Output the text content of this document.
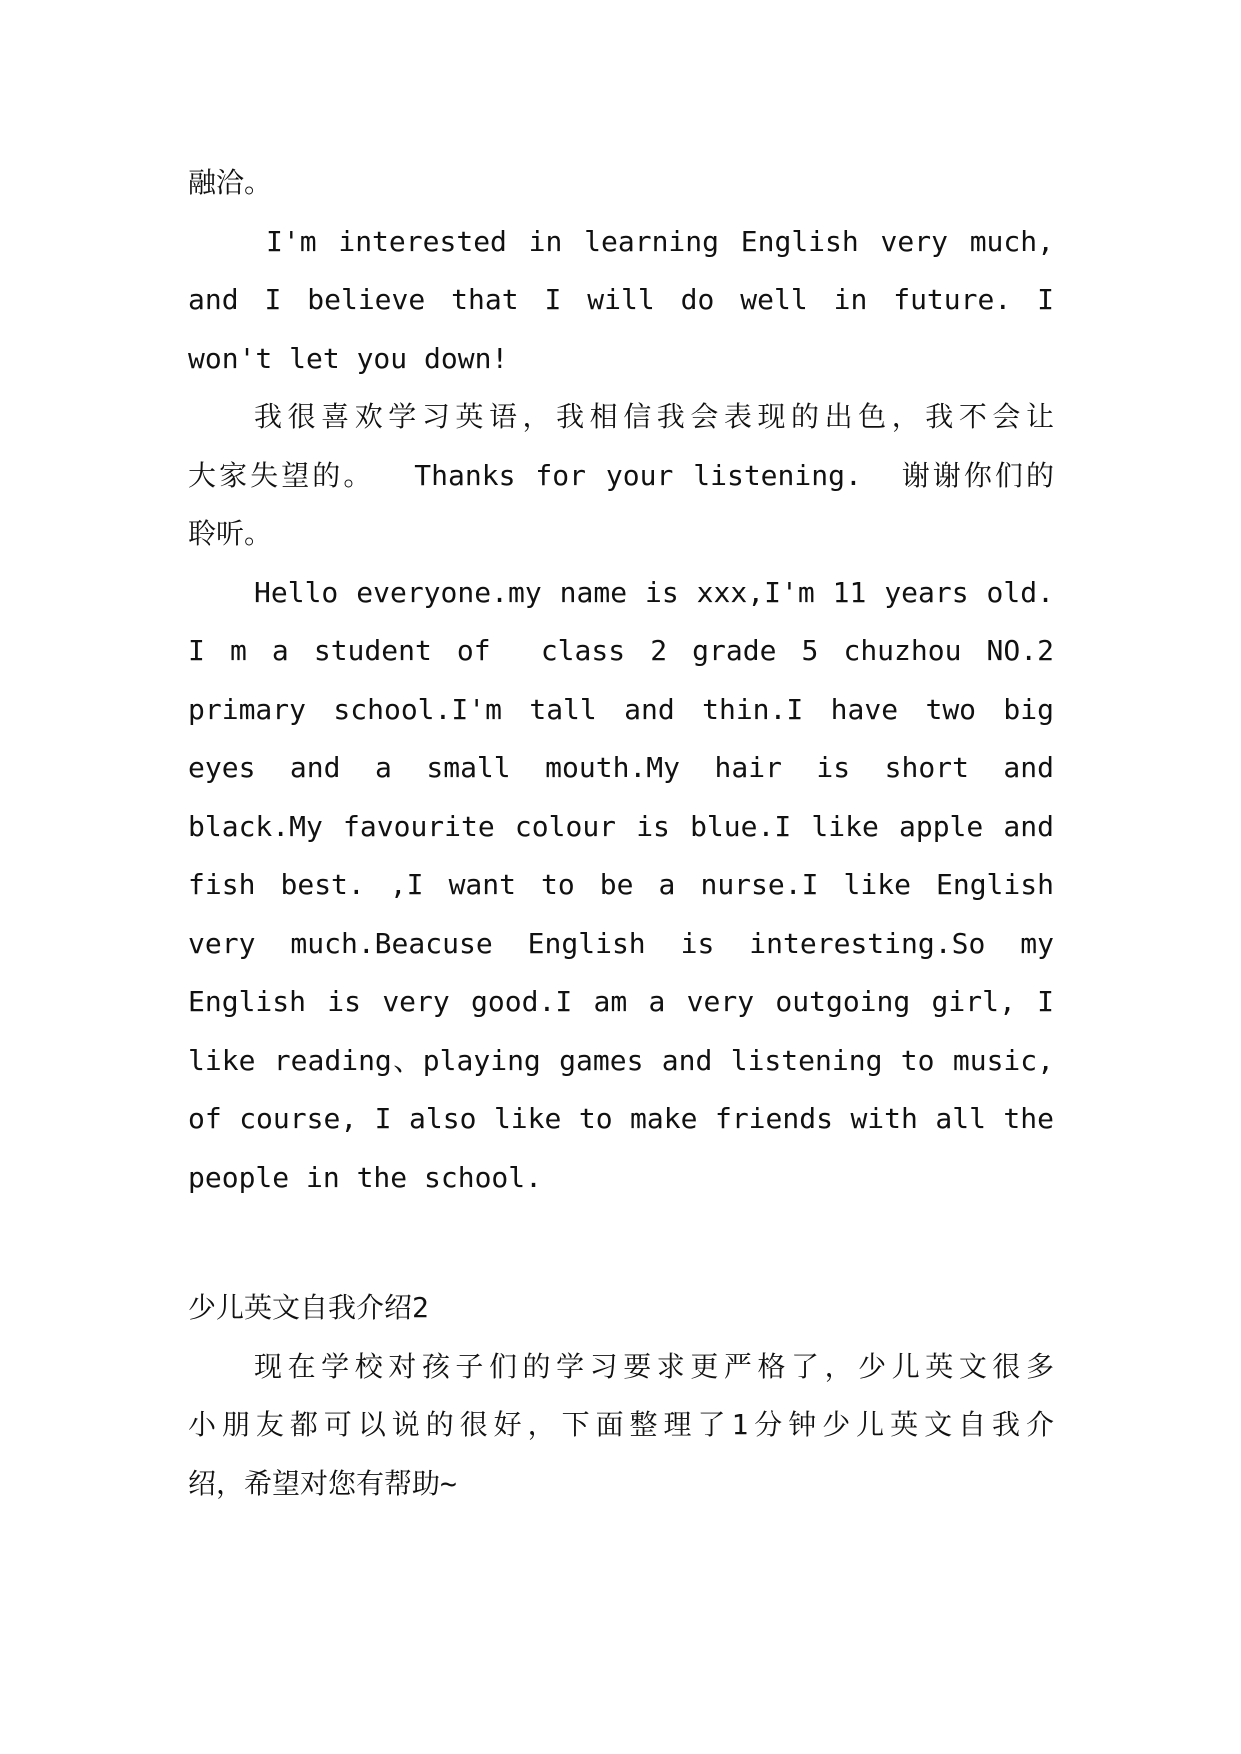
融洽。
I'm interested in learning English very much,
and I believe that I will do well in future. I
won't let you down!
我很喜欢学习英语，我相信我会表现的出色，我不会让
大家失望的。  Thanks for your listening.  谢谢你们的
聆听。
Hello everyone.my name is xxx,I'm 11 years old.
I m a student of  class 2 grade 5 chuzhou NO.2
primary school.I'm tall and thin.I have two big
eyes and a small mouth.My hair is short and
black.My favourite colour is blue.I like apple and
fish best. ,I want to be a nurse.I like English
very much.Beacuse English is interesting.So my
English is very good.I am a very outgoing girl, I
like reading、playing games and listening to music,
of course, I also like to make friends with all the
people in the school.
少儿英文自我介绍2
现在学校对孩子们的学习要求更严格了，少儿英文很多
小朋友都可以说的很好，下面整理了1分钟少儿英文自我介
绍，希望对您有帮助~
